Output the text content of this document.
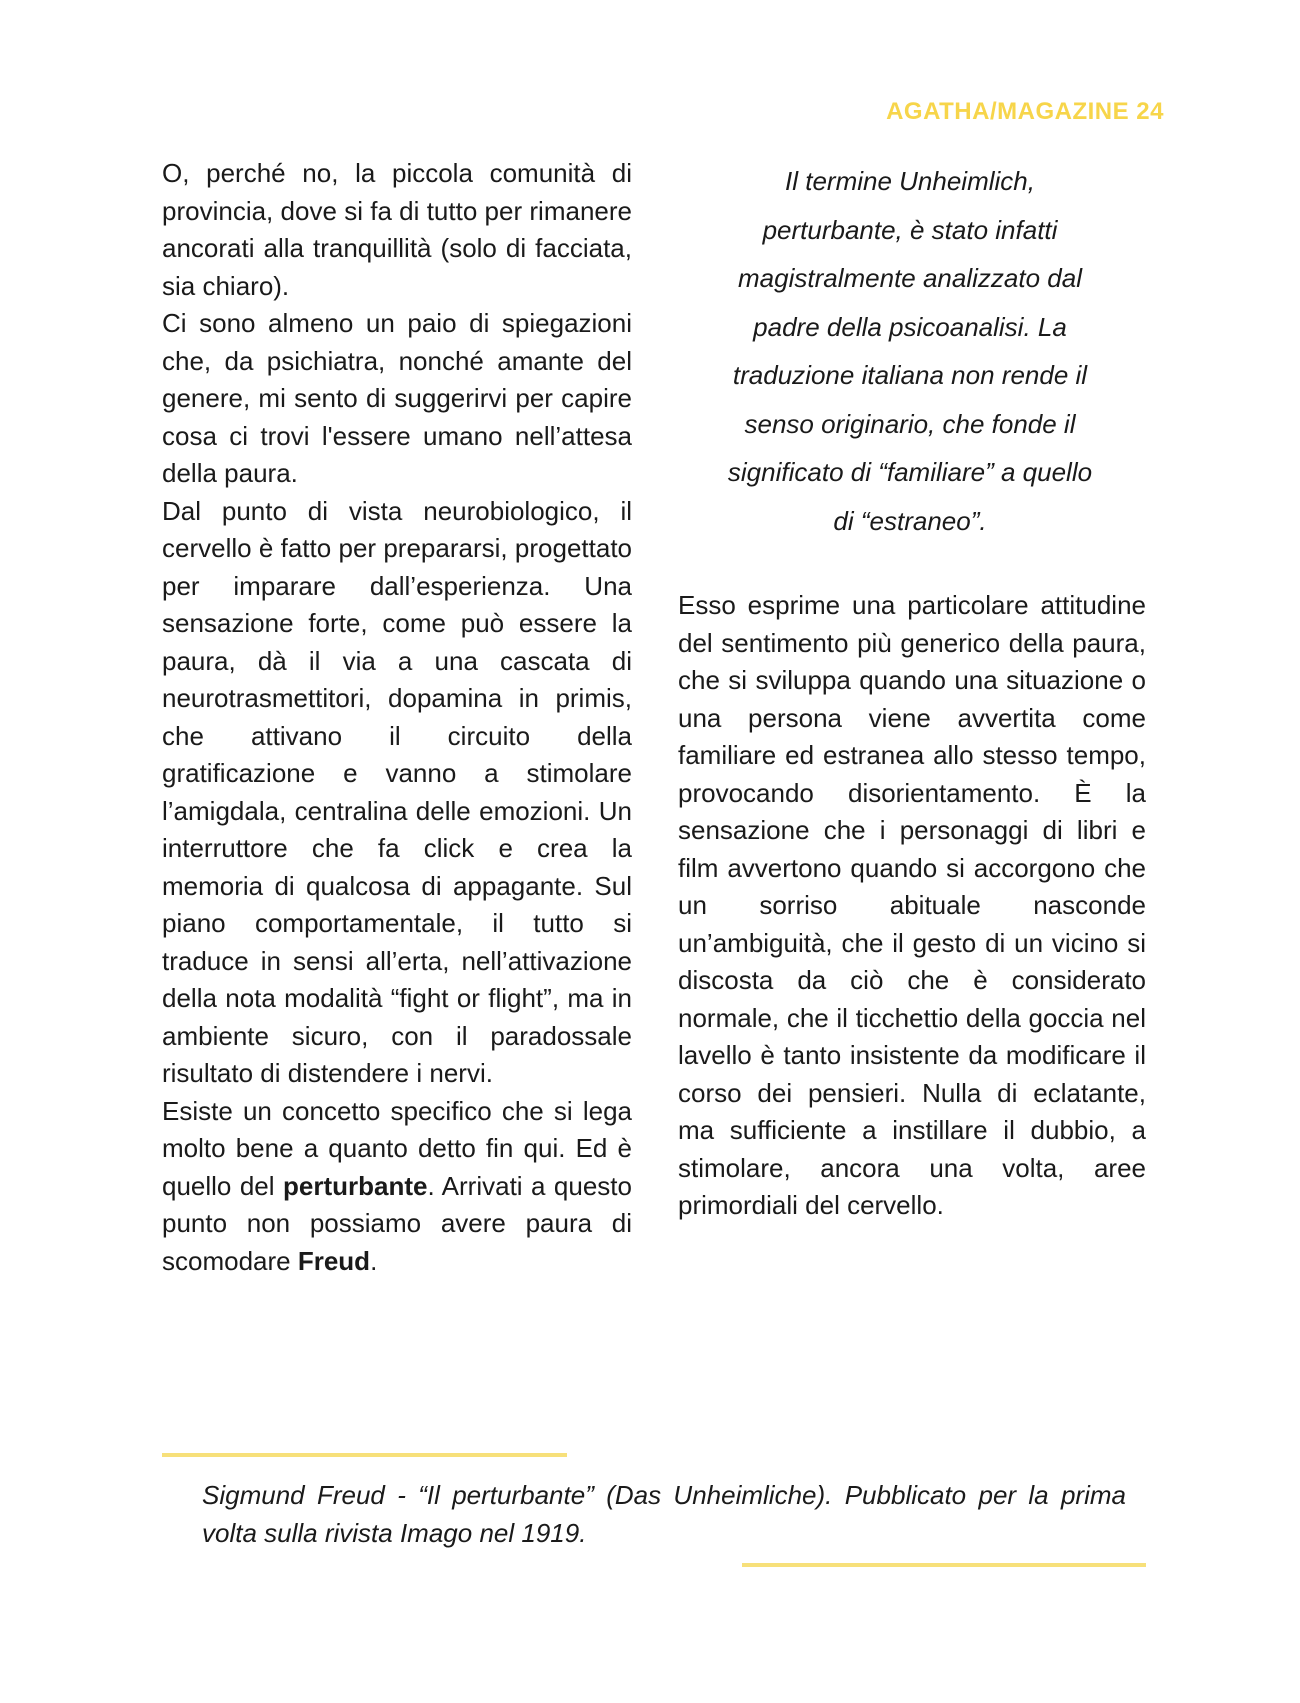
AGATHA/MAGAZINE 24

O, perché no, la piccola comunità di provincia, dove si fa di tutto per rimanere ancorati alla tranquillità (solo di facciata, sia chiaro).

Ci sono almeno un paio di spiegazioni che, da psichiatra, nonché amante del genere, mi sento di suggerirvi per capire cosa ci trovi l'essere umano nell’attesa della paura.

Dal punto di vista neurobiologico, il cervello è fatto per prepararsi, progettato per imparare dall’esperienza. Una sensazione forte, come può essere la paura, dà il via a una cascata di neurotrasmettitori, dopamina in primis, che attivano il circuito della gratificazione e vanno a stimolare l’amigdala, centralina delle emozioni. Un interruttore che fa click e crea la memoria di qualcosa di appagante. Sul piano comportamentale, il tutto si traduce in sensi all’erta, nell’attivazione della nota modalità “fight or flight”, ma in ambiente sicuro, con il paradossale risultato di distendere i nervi.

Esiste un concetto specifico che si lega molto bene a quanto detto fin qui. Ed è quello del perturbante. Arrivati a questo punto non possiamo avere paura di scomodare Freud.

Il termine Unheimlich,
perturbante, è stato infatti
magistralmente analizzato dal
padre della psicoanalisi. La
traduzione italiana non rende il
senso originario, che fonde il
significato di “familiare” a quello
di “estraneo”.

Esso esprime una particolare attitudine del sentimento più generico della paura, che si sviluppa quando una situazione o una persona viene avvertita come familiare ed estranea allo stesso tempo, provocando disorientamento. È la sensazione che i personaggi di libri e film avvertono quando si accorgono che un sorriso abituale nasconde un’ambiguità, che il gesto di un vicino si discosta da ciò che è considerato normale, che il ticchettio della goccia nel lavello è tanto insistente da modificare il corso dei pensieri. Nulla di eclatante, ma sufficiente a instillare il dubbio, a stimolare, ancora una volta, aree primordiali del cervello.

Sigmund Freud - “Il perturbante” (Das Unheimliche). Pubblicato per la prima volta sulla rivista Imago nel 1919.
